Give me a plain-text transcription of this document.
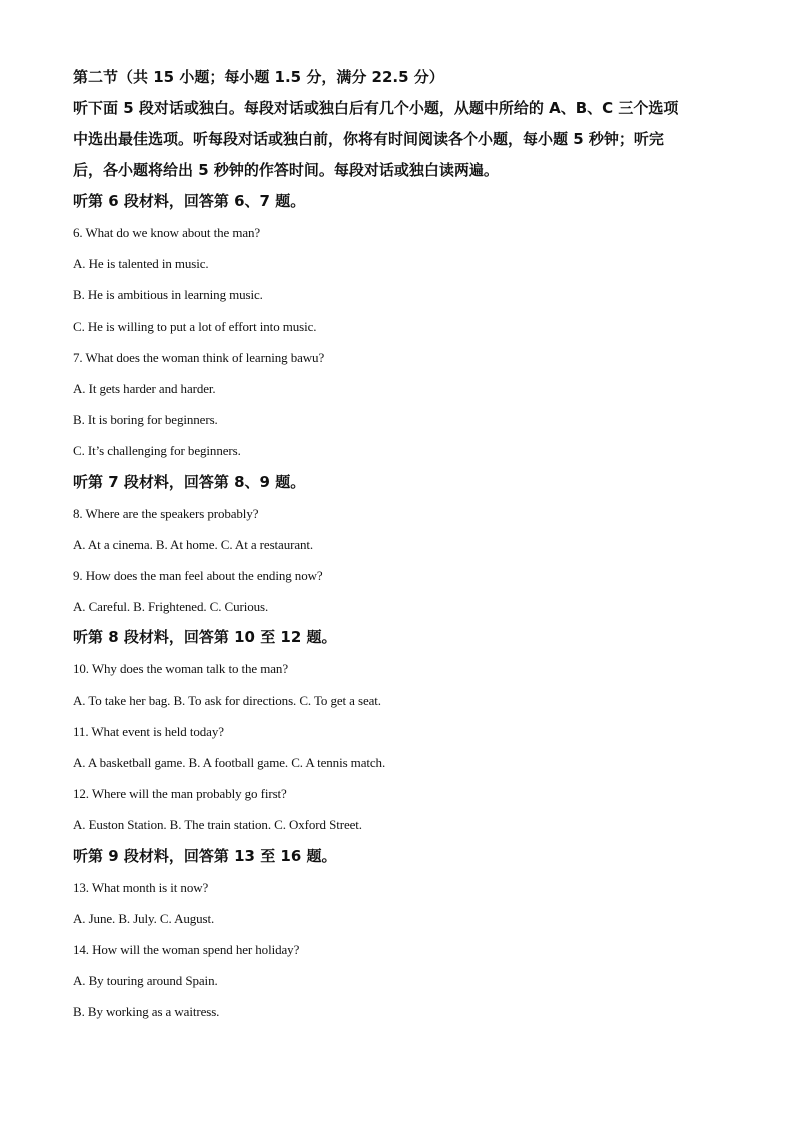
第二节（共 15 小题；每小题 1.5 分，满分 22.5 分）

听下面 5 段对话或独白。每段对话或独白后有几个小题，从题中所给的 A、B、C 三个选项

中选出最佳选项。听每段对话或独白前，你将有时间阅读各个小题，每小题 5 秒钟；听完

后，各小题将给出 5 秒钟的作答时间。每段对话或独白读两遍。

听第 6 段材料，回答第 6、7 题。

6. What do we know about the man?

A. He is talented in music.

B. He is ambitious in learning music.

C. He is willing to put a lot of effort into music.

7. What does the woman think of learning bawu?

A. It gets harder and harder.

B. It is boring for beginners.

C. It’s challenging for beginners.

听第 7 段材料，回答第 8、9 题。

8. Where are the speakers probably?

A. At a cinema. B. At home. C. At a restaurant.

9. How does the man feel about the ending now?

A. Careful. B. Frightened. C. Curious.

听第 8 段材料，回答第 10 至 12 题。

10. Why does the woman talk to the man?

A. To take her bag. B. To ask for directions. C. To get a seat.

11. What event is held today?

A. A basketball game. B. A football game. C. A tennis match.

12. Where will the man probably go first?

A. Euston Station. B. The train station. C. Oxford Street.

听第 9 段材料，回答第 13 至 16 题。

13. What month is it now?

A. June. B. July. C. August.

14. How will the woman spend her holiday?

A. By touring around Spain.

B. By working as a waitress.
